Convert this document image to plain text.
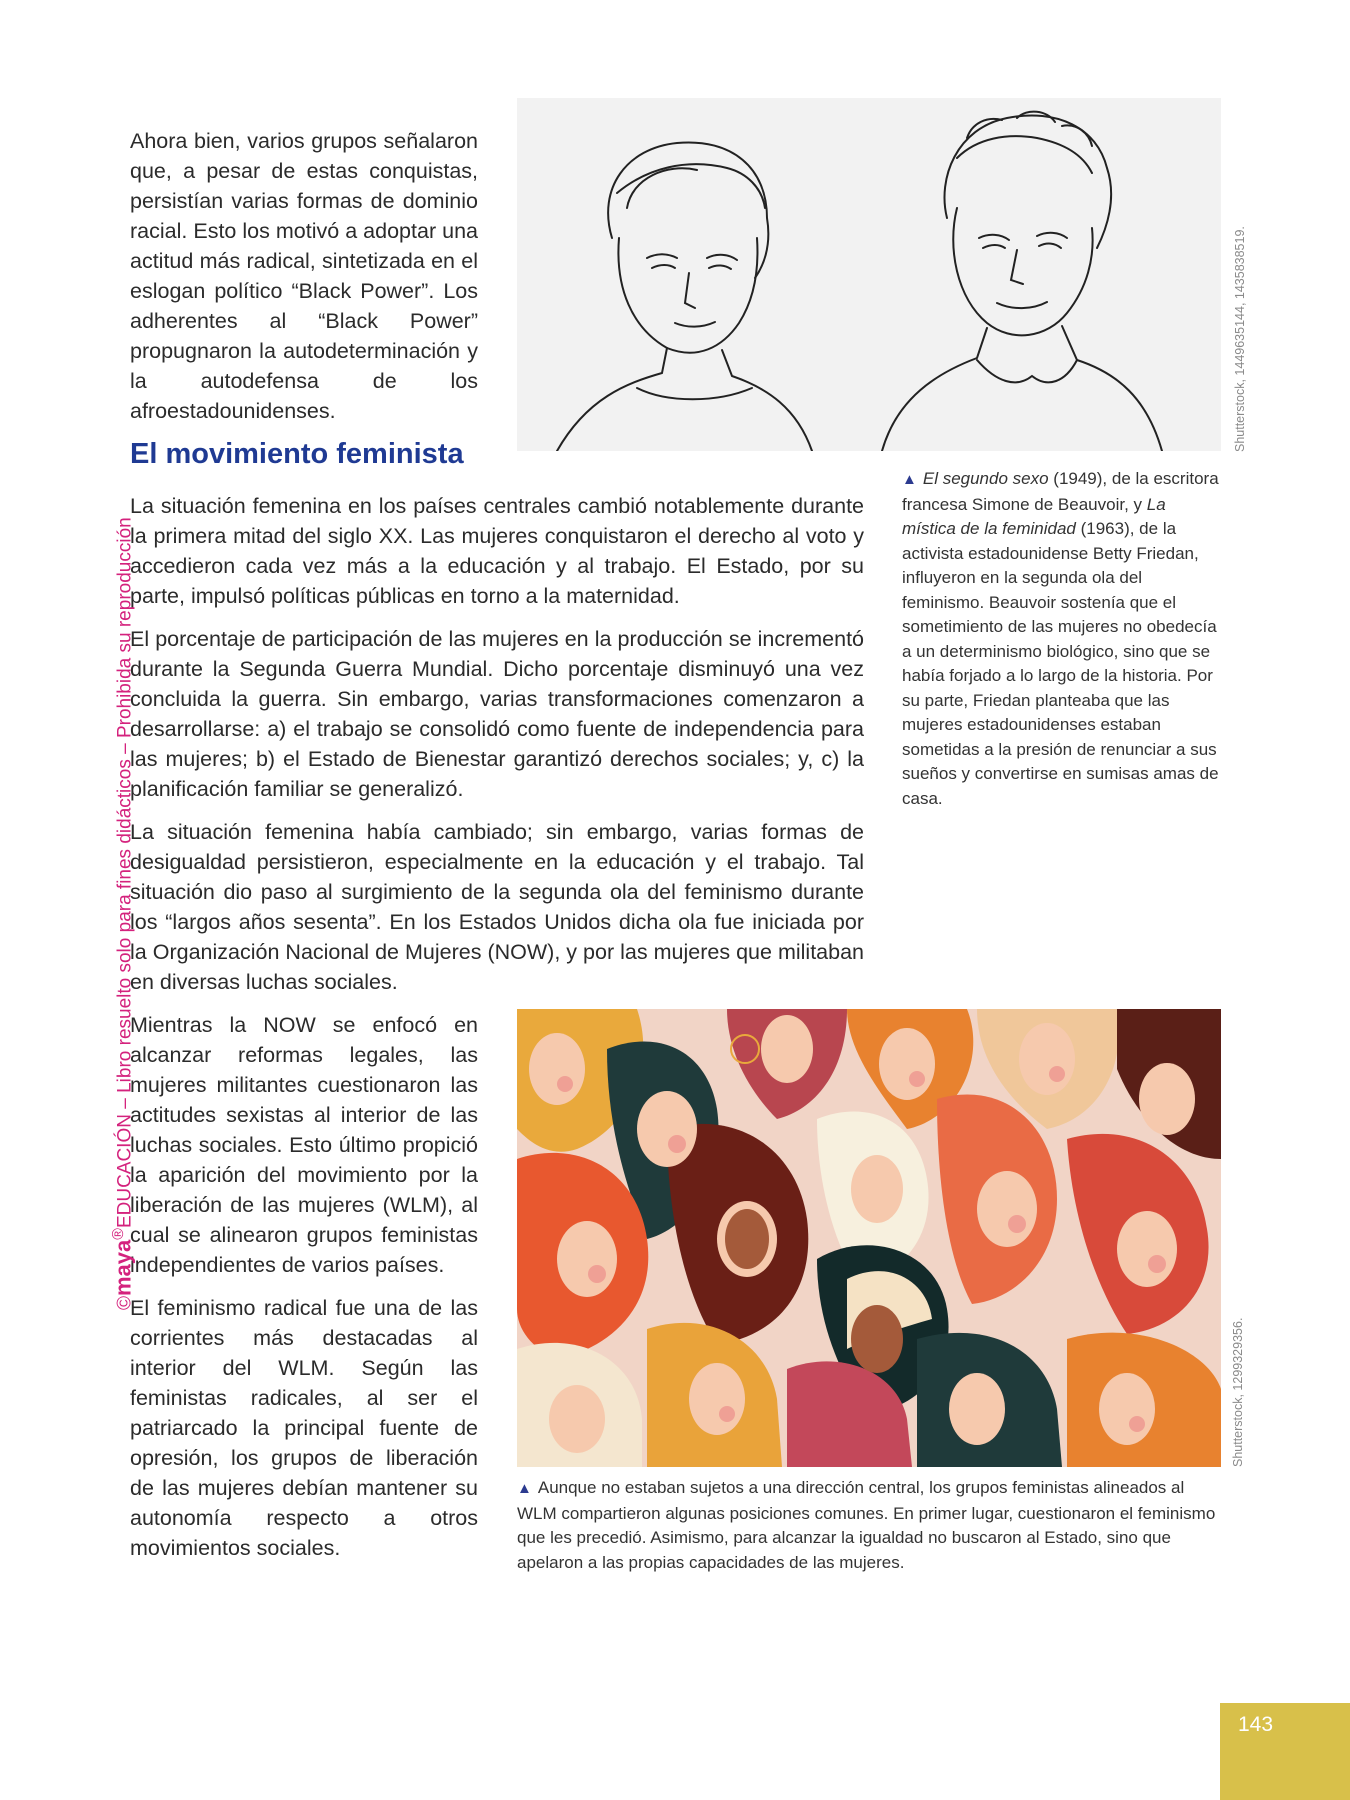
Ahora bien, varios grupos señalaron que, a pesar de estas conquistas, persistían varias formas de dominio racial. Esto los motivó a adoptar una actitud más radical, sintetizada en el eslogan político “Black Power”. Los adherentes al “Black Power” propugnaron la autodeterminación y la autodefensa de los afroestadounidenses.

El movimiento feminista

La situación femenina en los países centrales cambió notablemente durante la primera mitad del siglo XX. Las mujeres conquistaron el derecho al voto y accedieron cada vez más a la educación y al trabajo. El Estado, por su parte, impulsó políticas públicas en torno a la maternidad.

El porcentaje de participación de las mujeres en la producción se incrementó durante la Segunda Guerra Mundial. Dicho porcentaje disminuyó una vez concluida la guerra. Sin embargo, varias transformaciones comenzaron a desarrollarse: a) el trabajo se consolidó como fuente de independencia para las mujeres; b) el Estado de Bienestar garantizó derechos sociales; y, c) la planificación familiar se generalizó.

La situación femenina había cambiado; sin embargo, varias formas de desigualdad persistieron, especialmente en la educación y el trabajo. Tal situación dio paso al surgimiento de la segunda ola del feminismo durante los “largos años sesenta”. En los Estados Unidos dicha ola fue iniciada por la Organización Nacional de Mujeres (NOW), y por las mujeres que militaban en diversas luchas sociales.

Mientras la NOW se enfocó en alcanzar reformas legales, las mujeres militantes cuestionaron las actitudes sexistas al interior de las luchas sociales. Esto último propició la aparición del movimiento por la liberación de las mujeres (WLM), al cual se alinearon grupos feministas independientes de varios países.

El feminismo radical fue una de las corrientes más destacadas al interior del WLM. Según las feministas radicales, al ser el patriarcado la principal fuente de opresión, los grupos de liberación de las mujeres debían mantener su autonomía respecto a otros movimientos sociales.

Shutterstock, 1449635144, 1435838519.
▲ El segundo sexo (1949), de la escritora francesa Simone de Beauvoir, y La mística de la feminidad (1963), de la activista estadounidense Betty Friedan, influyeron en la segunda ola del feminismo. Beauvoir sostenía que el sometimiento de las mujeres no obedecía a un determinismo biológico, sino que se había forjado a lo largo de la historia. Por su parte, Friedan planteaba que las mujeres estadounidenses estaban sometidas a la presión de renunciar a sus sueños y convertirse en sumisas amas de casa.
Shutterstock, 1299329356.
▲ Aunque no estaban sujetos a una dirección central, los grupos feministas alineados al WLM compartieron algunas posiciones comunes. En primer lugar, cuestionaron el feminismo que les precedió. Asimismo, para alcanzar la igualdad no buscaron al Estado, sino que apelaron a las propias capacidades de las mujeres.
©maya®EDUCACIÓN – Libro resuelto solo para fines didácticos – Prohibida su reproducción
143
